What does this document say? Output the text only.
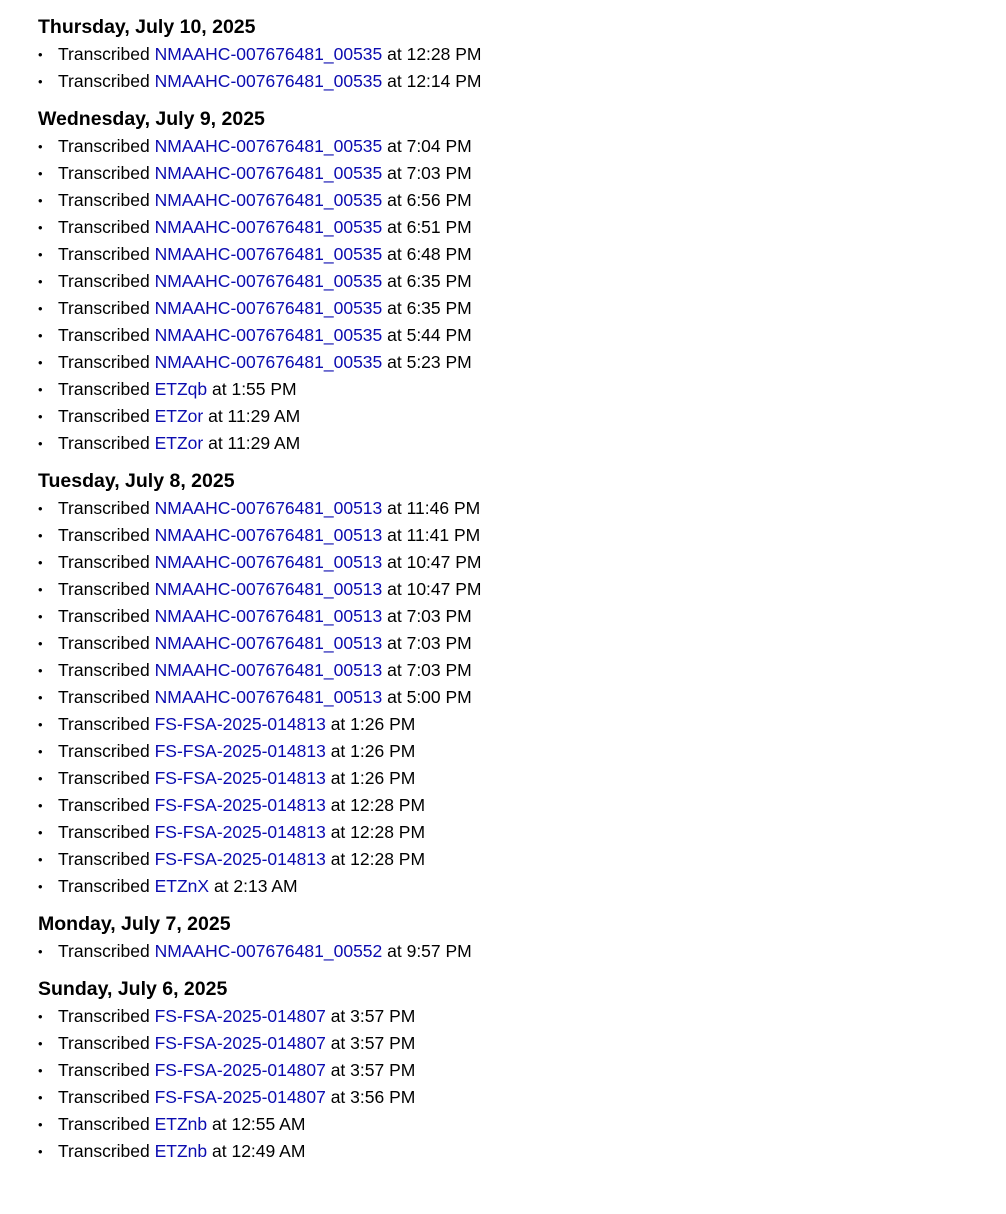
Thursday, July 10, 2025
• Transcribed NMAAHC-007676481_00535 at 12:28 PM
• Transcribed NMAAHC-007676481_00535 at 12:14 PM
Wednesday, July 9, 2025
• Transcribed NMAAHC-007676481_00535 at 7:04 PM
• Transcribed NMAAHC-007676481_00535 at 7:03 PM
• Transcribed NMAAHC-007676481_00535 at 6:56 PM
• Transcribed NMAAHC-007676481_00535 at 6:51 PM
• Transcribed NMAAHC-007676481_00535 at 6:48 PM
• Transcribed NMAAHC-007676481_00535 at 6:35 PM
• Transcribed NMAAHC-007676481_00535 at 6:35 PM
• Transcribed NMAAHC-007676481_00535 at 5:44 PM
• Transcribed NMAAHC-007676481_00535 at 5:23 PM
• Transcribed ETZqb at 1:55 PM
• Transcribed ETZor at 11:29 AM
• Transcribed ETZor at 11:29 AM
Tuesday, July 8, 2025
• Transcribed NMAAHC-007676481_00513 at 11:46 PM
• Transcribed NMAAHC-007676481_00513 at 11:41 PM
• Transcribed NMAAHC-007676481_00513 at 10:47 PM
• Transcribed NMAAHC-007676481_00513 at 10:47 PM
• Transcribed NMAAHC-007676481_00513 at 7:03 PM
• Transcribed NMAAHC-007676481_00513 at 7:03 PM
• Transcribed NMAAHC-007676481_00513 at 7:03 PM
• Transcribed NMAAHC-007676481_00513 at 5:00 PM
• Transcribed FS-FSA-2025-014813 at 1:26 PM
• Transcribed FS-FSA-2025-014813 at 1:26 PM
• Transcribed FS-FSA-2025-014813 at 1:26 PM
• Transcribed FS-FSA-2025-014813 at 12:28 PM
• Transcribed FS-FSA-2025-014813 at 12:28 PM
• Transcribed FS-FSA-2025-014813 at 12:28 PM
• Transcribed ETZnX at 2:13 AM
Monday, July 7, 2025
• Transcribed NMAAHC-007676481_00552 at 9:57 PM
Sunday, July 6, 2025
• Transcribed FS-FSA-2025-014807 at 3:57 PM
• Transcribed FS-FSA-2025-014807 at 3:57 PM
• Transcribed FS-FSA-2025-014807 at 3:57 PM
• Transcribed FS-FSA-2025-014807 at 3:56 PM
• Transcribed ETZnb at 12:55 AM
• Transcribed ETZnb at 12:49 AM
